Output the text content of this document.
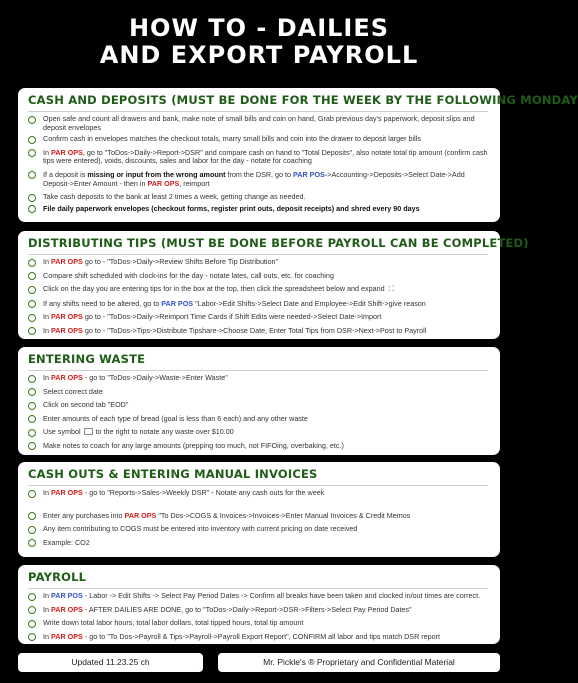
HOW TO - DAILIES
AND EXPORT PAYROLL
CASH AND DEPOSITS (MUST BE DONE FOR THE WEEK BY THE FOLLOWING MONDAY
Open safe and count all drawers and bank, make note of small bills and coin on hand, Grab previous day's paperwork, deposit slips and deposit envelopes
Confirm cash in envelopes matches the checkout totals, marry small bills and coin into the drawer to deposit larger bills
In PAR OPS, go to "ToDos->Daily->Report->DSR" and compare cash on hand to "Total Deposits", also notate total tip amount (confirm cash tips were entered), voids, discounts, sales and labor for the day - notate for coaching
If a deposit is missing or input from the wrong amount from the DSR, go to PAR POS->Accounting->Deposits->Select Date->Add Deposit->Enter Amount - then in PAR OPS, reimport
Take cash deposits to the bank at least 2 times a week, getting change as needed.
File daily paperwork envelopes (checkout forms, register print outs, deposit receipts) and shred every 90 days
DISTRIBUTING TIPS (MUST BE DONE BEFORE PAYROLL CAN BE COMPLETED)
In PAR OPS go to - "ToDos->Daily->Review Shifts Before Tip Distribution"
Compare shift scheduled with clock-ins for the day - notate lates, call outs, etc. for coaching
Click on the day you are entering tips for in the box at the top, then click the spreadsheet below and expand ⛶
If any shifts need to be altered, go to PAR POS "Labor->Edit Shifts->Select Date and Employee->Edit Shift->give reason
In PAR OPS go to - "ToDos->Daily->Reimport Time Cards if Shift Edits were needed->Select Date->Import
In PAR OPS go to - "ToDos->Tips->Distribute Tipshare->Choose Date, Enter Total Tips from DSR->Next->Post to Payroll
ENTERING WASTE
In PAR OPS - go to "ToDos->Daily->Waste->Enter Waste"
Select correct date
Click on second tab "EOD"
Enter amounts of each type of bread (goal is less than 6 each) and any other waste
Use symbol to the right to notate any waste over $10.00
Make notes to coach for any large amounts (prepping too much, not FIFOing, overbaking, etc.)
CASH OUTS & ENTERING MANUAL INVOICES
In PAR OPS - go to "Reports->Sales->Weekly DSR" - Notate any cash outs for the week
Enter any purchases into PAR OPS "To Dos->COGS & Invoices->Invoices->Enter Manual Invoices & Credit Memos
Any item contributing to COGS must be entered into inventory with current pricing on date received
Example: CO2
PAYROLL
In PAR POS - Labor -> Edit Shifts -> Select Pay Period Dates -> Confirm all breaks have been taken and clocked in/out times are correct.
In PAR OPS - AFTER DAILIES ARE DONE, go to "ToDos->Daily->Report->DSR->Filters->Select Pay Period Dates"
Write down total labor hours, total labor dollars, total tipped hours, total tip amount
In PAR OPS - go to "To Dos->Payroll & Tips->Payroll->Payroll Export Report", CONFIRM all labor and tips match DSR report
Updated 11.23.25 ch	Mr. Pickle's ® Proprietary and Confidential Material
